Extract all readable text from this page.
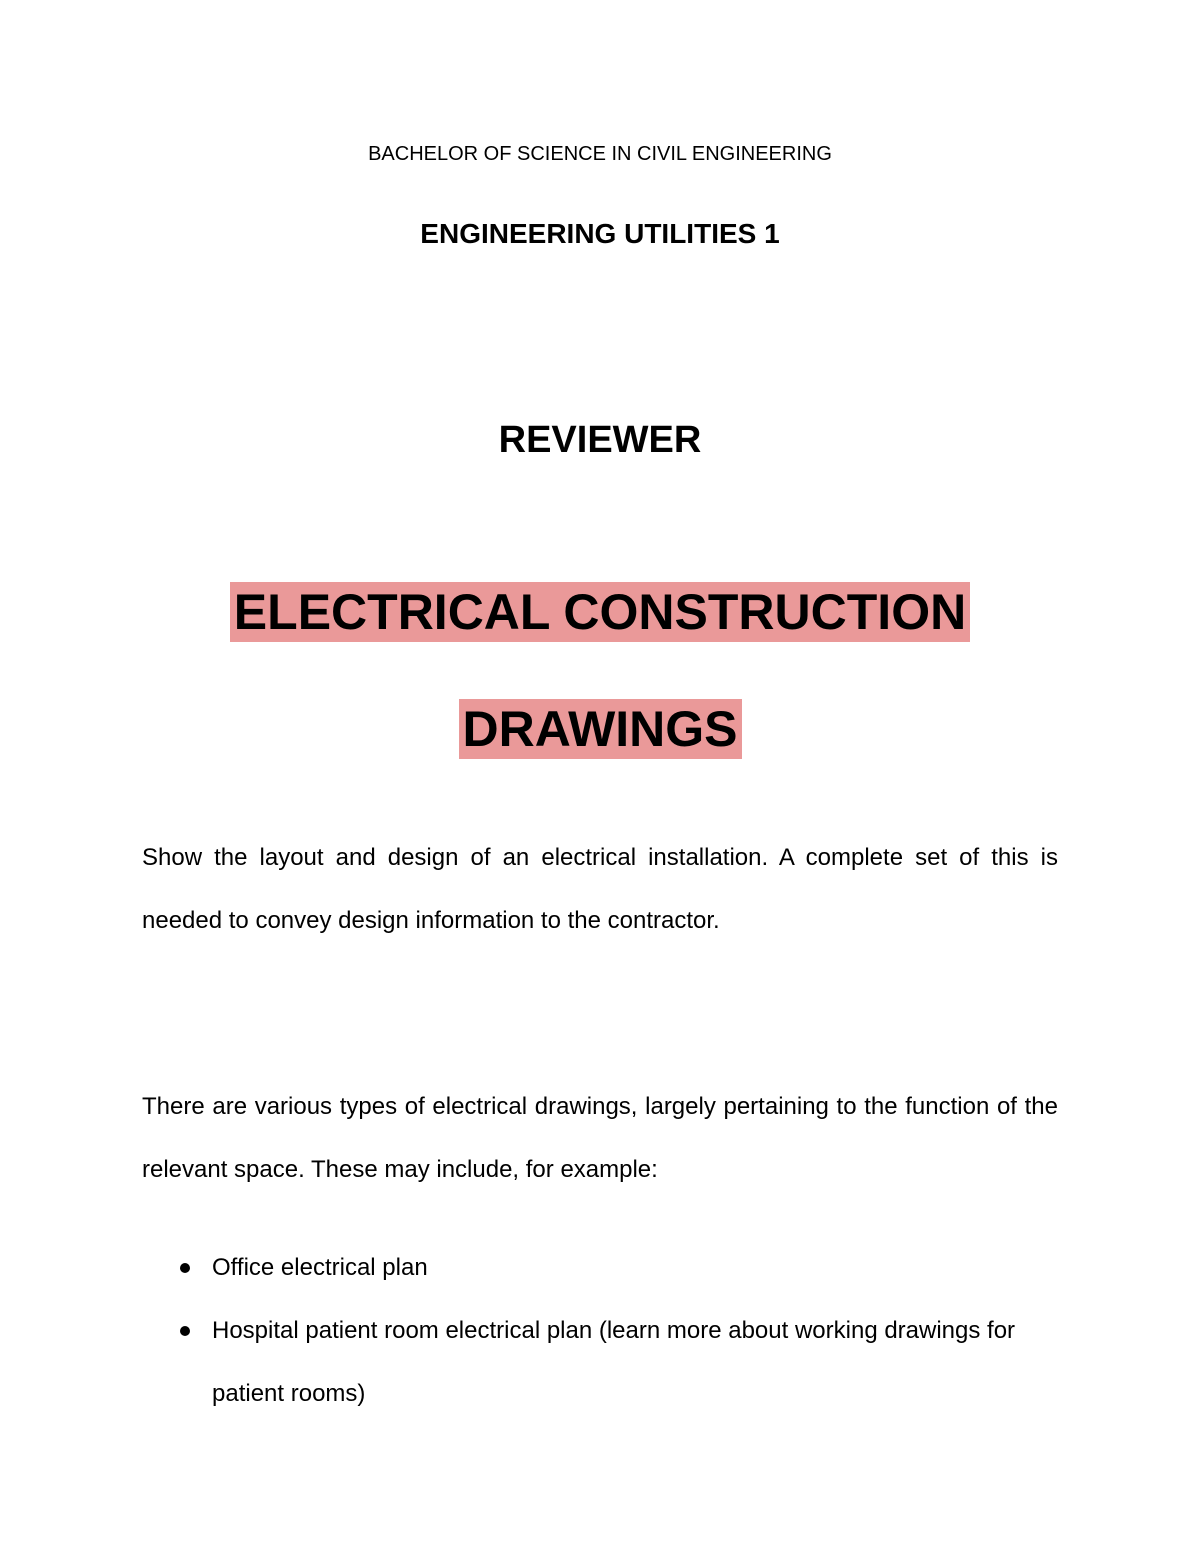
BACHELOR OF SCIENCE IN CIVIL ENGINEERING
ENGINEERING UTILITIES 1
REVIEWER
ELECTRICAL CONSTRUCTION
DRAWINGS

Show the layout and design of an electrical installation. A complete set of this is needed to convey design information to the contractor.

There are various types of electrical drawings, largely pertaining to the function of the relevant space. These may include, for example:

Office electrical plan
Hospital patient room electrical plan (learn more about working drawings for patient rooms)
